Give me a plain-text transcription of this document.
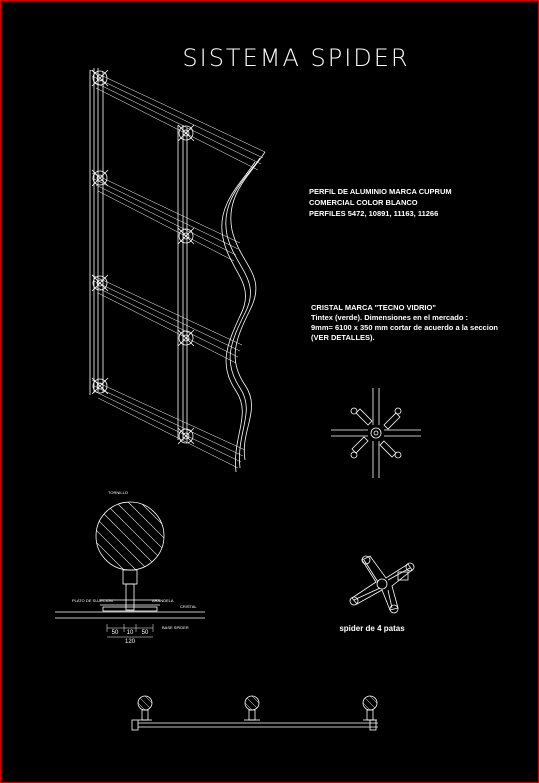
SISTEMA SPIDER
PERFIL DE ALUMINIO MARCA CUPRUM
COMERCIAL COLOR BLANCO
PERFILES 5472, 10891, 11163, 11266
CRISTAL MARCA "TECNO VIDRIO"
Tintex (verde). Dimensiones en el mercado :
9mm= 6100 x 350 mm cortar de acuerdo a la seccion
(VER DETALLES).
spider de 4 patas
50 10 50
120
TORNILLO
PLATO DE SUJECION	ARANDELA
CRISTAL
BASE SPIDER
